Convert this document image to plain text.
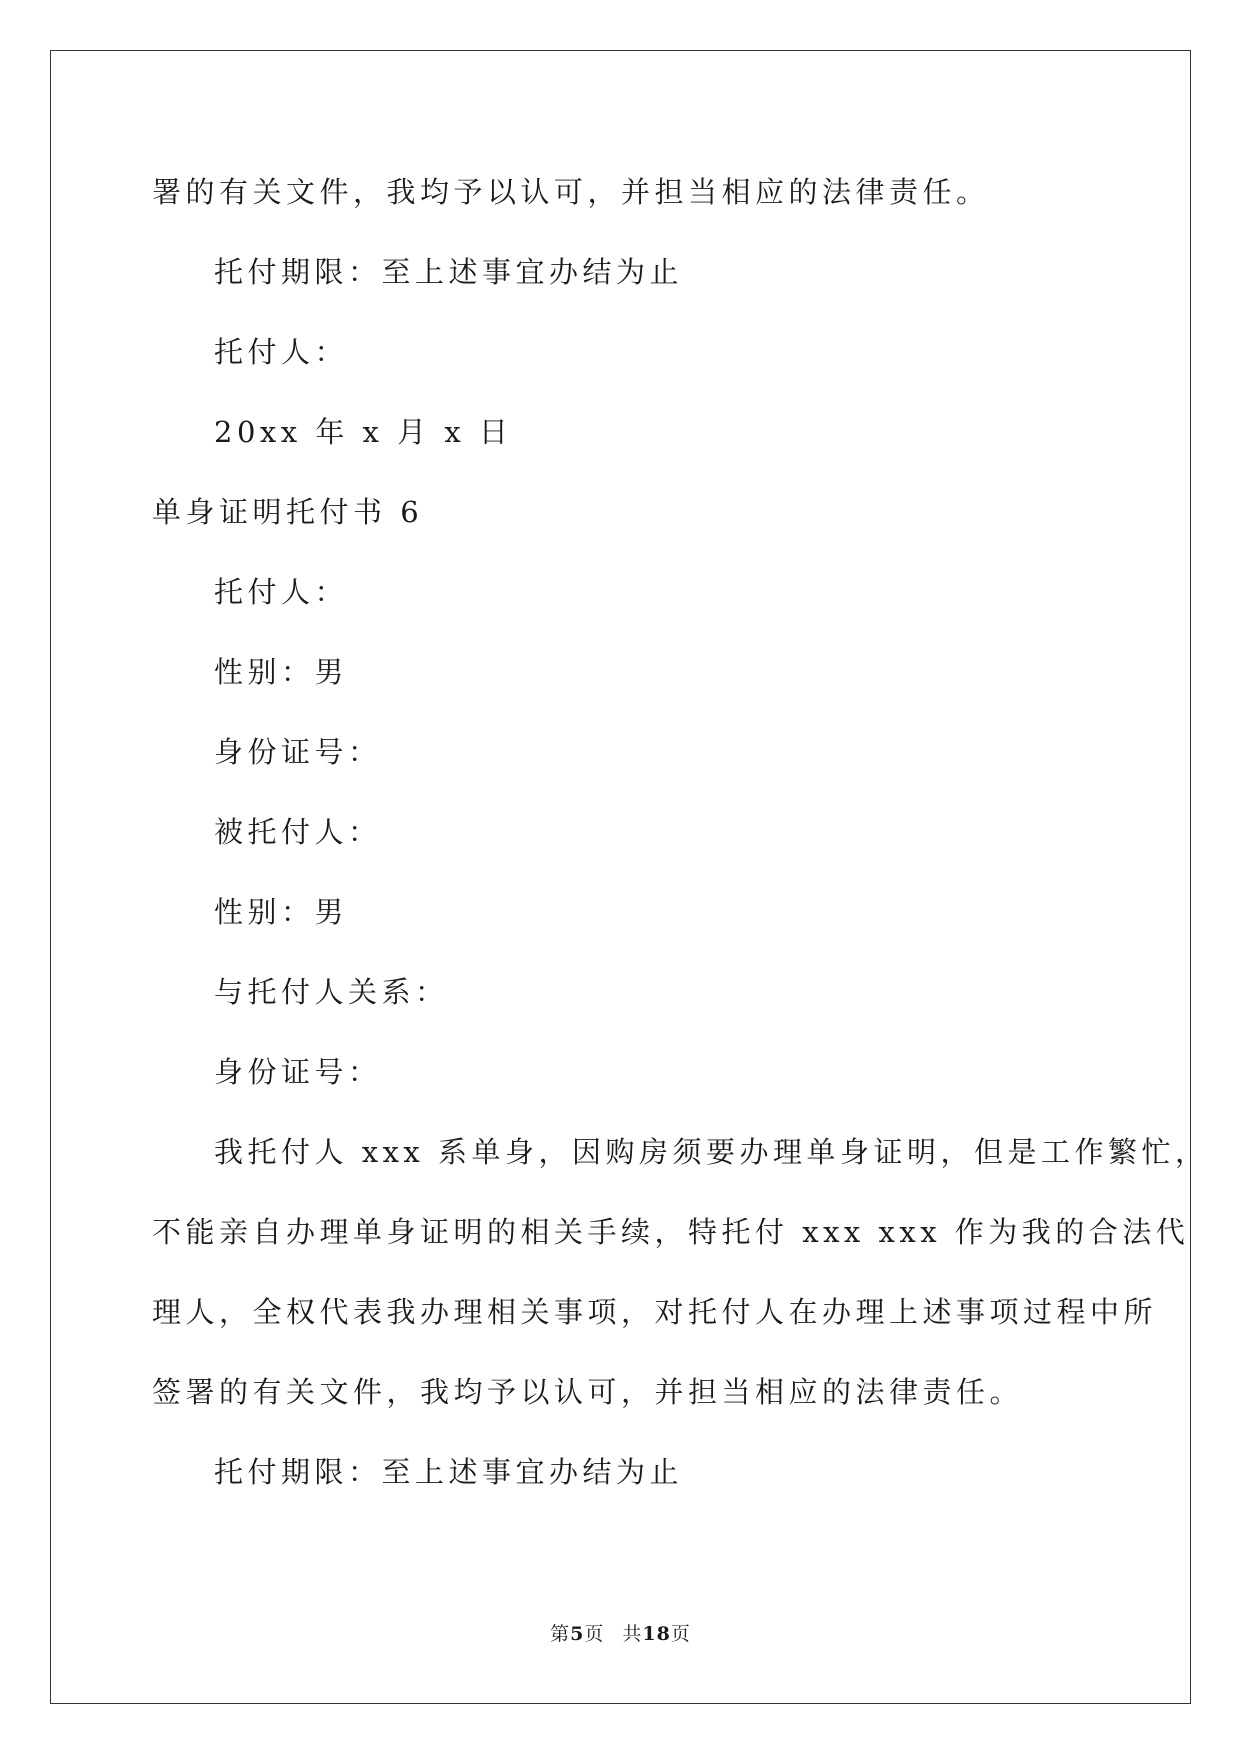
署的有关文件，我均予以认可，并担当相应的法律责任。
托付期限：至上述事宜办结为止
托付人：
20xx 年 x 月 x 日
单身证明托付书 6
托付人：
性别：男
身份证号：
被托付人：
性别：男
与托付人关系：
身份证号：
我托付人 xxx 系单身，因购房须要办理单身证明，但是工作繁忙，
不能亲自办理单身证明的相关手续，特托付 xxx xxx 作为我的合法代
理人，全权代表我办理相关事项，对托付人在办理上述事项过程中所
签署的有关文件，我均予以认可，并担当相应的法律责任。
托付期限：至上述事宜办结为止
第5页 共18页
